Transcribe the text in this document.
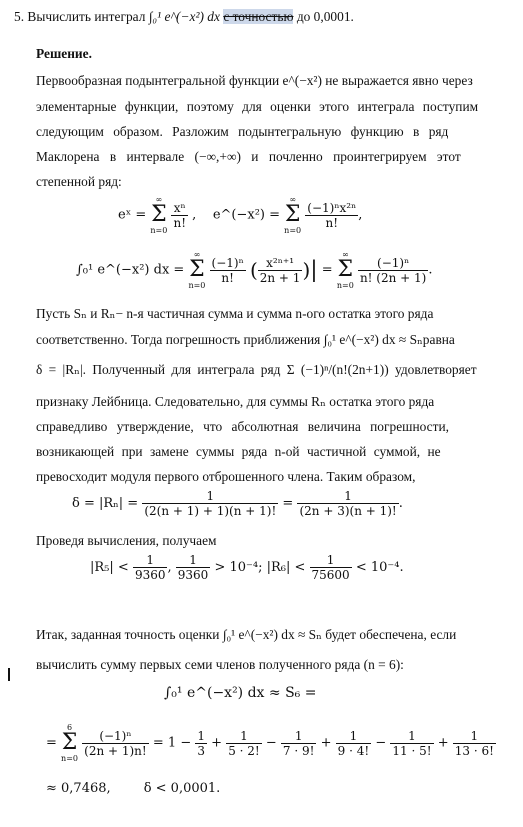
5. Вычислить интеграл ∫₀¹ e^(−x²) dx с точностью до 0,0001.
Решение.
Первообразная подынтегральной функции e^(−x²) не выражается явно через
элементарные функции, поэтому для оценки этого интеграла поступим
следующим образом. Разложим подынтегральную функцию в ряд
Маклорена в интервале (−∞,+∞) и почленно проинтегрируем этот
степенной ряд:
eˣ =
∞
Σ
n=0

$\frac{\text{xⁿ}}{n!}$ ,    e^(−x²) =
∞
Σ
n=0

$\frac{\text{(−1)ⁿx²ⁿ}}{n!}$ ,
∫₀¹ e^(−x²) dx =
∞
Σ
n=0

$\frac{\text{(−1)ⁿ}}{n!}$ ( $\frac{\text{x²ⁿ⁺¹}}{2n + 1}$ )| =
∞
Σ
n=0

$\frac{\text{(−1)ⁿ}}{n! (2n + 1)}$ .
Пусть Sₙ и Rₙ− n-я частичная сумма и сумма n-ого остатка этого ряда
соответственно. Тогда погрешность приближения ∫₀¹ e^(−x²) dx ≈ Sₙравна
δ = |Rₙ|. Полученный для интеграла ряд Σ (−1)ⁿ/(n!(2n+1)) удовлетворяет
признаку Лейбница. Следовательно, для суммы Rₙ остатка этого ряда
справедливо утверждение, что абсолютная величина погрешности,
возникающей при замене суммы ряда n-ой частичной суммой, не
превосходит модуля первого отброшенного члена. Таким образом,
$\delta = |R_n| = \frac{1}{(2(n + 1) + 1)(n + 1)!} = \frac{1}{(2n + 3)(n + 1)!}$ .
Проведя вычисления, получаем
$|R_5| < \frac{1}{9360}$ , $\frac{1}{9360} > 10^{-4}$; $|R_6| < \frac{1}{75600} < 10^{-4}$.
Итак, заданная точность оценки ∫₀¹ e^(−x²) dx ≈ Sₙ будет обеспечена, если
вычислить сумму первых семи членов полученного ряда (n = 6):
∫₀¹ e^(−x²) dx ≈ S₆ =
=
6
Σ
n=0

$\frac{\text{(−1)ⁿ}}{(2n + 1)n!} = 1 - \frac{1}{3} + \frac{1}{5 \cdot 2!} - \frac{1}{7 \cdot 9!} + \frac{1}{9 \cdot 4!} - \frac{1}{11 \cdot 5!} + \frac{1}{13 \cdot 6!}$
≈ 0,7468,        δ < 0,0001.
